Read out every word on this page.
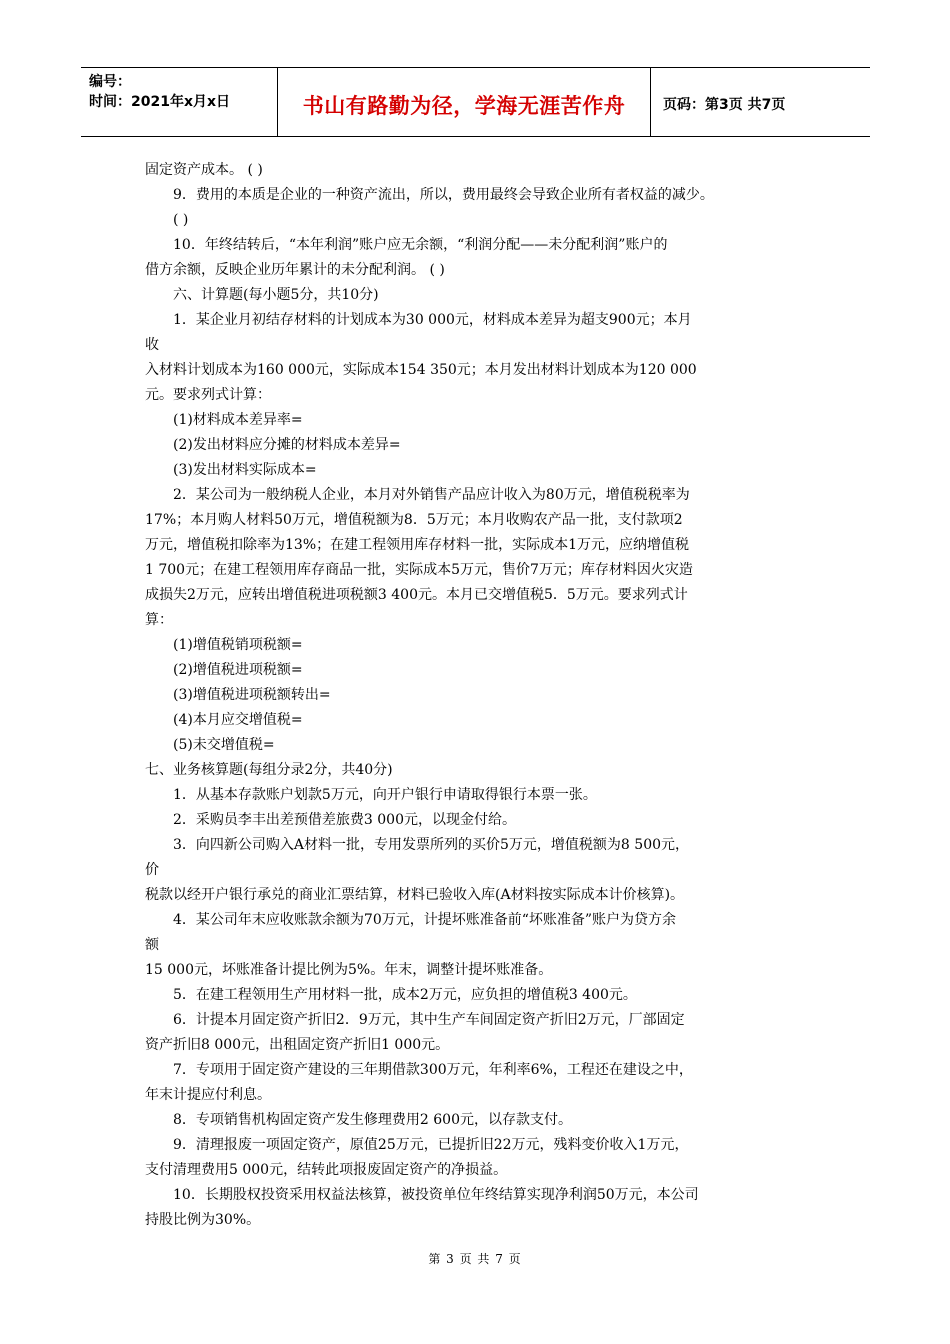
编号：
时间：2021年x月x日	书山有路勤为径，学海无涯苦作舟	页码：第3页 共7页
固定资产成本。 ( )
9．费用的本质是企业的一种资产流出，所以，费用最终会导致企业所有者权益的减少。
( )
10．年终结转后，“本年利润”账户应无余额，“利润分配——未分配利润”账户的
借方余额，反映企业历年累计的未分配利润。 ( )
六、计算题(每小题5分，共10分)
1．某企业月初结存材料的计划成本为30 000元，材料成本差异为超支900元；本月
收
入材料计划成本为160 000元，实际成本154 350元；本月发出材料计划成本为120 000
元。要求列式计算：
(1)材料成本差异率=
(2)发出材料应分摊的材料成本差异=
(3)发出材料实际成本=
2．某公司为一般纳税人企业，本月对外销售产品应计收入为80万元，增值税税率为
17%；本月购人材料50万元，增值税额为8．5万元；本月收购农产品一批，支付款项2
万元，增值税扣除率为13%；在建工程领用库存材料一批，实际成本1万元，应纳增值税
1 700元；在建工程领用库存商品一批，实际成本5万元，售价7万元；库存材料因火灾造
成损失2万元，应转出增值税进项税额3 400元。本月已交增值税5．5万元。要求列式计
算：
(1)增值税销项税额=
(2)增值税进项税额=
(3)增值税进项税额转出=
(4)本月应交增值税=
(5)未交增值税=
七、业务核算题(每组分录2分，共40分)
1．从基本存款账户划款5万元，向开户银行申请取得银行本票一张。
2．采购员李丰出差预借差旅费3 000元，以现金付给。
3．向四新公司购入A材料一批，专用发票所列的买价5万元，增值税额为8 500元，
价
税款以经开户银行承兑的商业汇票结算，材料已验收入库(A材料按实际成本计价核算)。
4．某公司年末应收账款余额为70万元，计提坏账准备前“坏账准备”账户为贷方余
额
15 000元，坏账准备计提比例为5%。年末，调整计提坏账准备。
5．在建工程领用生产用材料一批，成本2万元，应负担的增值税3 400元。
6．计提本月固定资产折旧2．9万元，其中生产车间固定资产折旧2万元，厂部固定
资产折旧8 000元，出租固定资产折旧1 000元。
7．专项用于固定资产建设的三年期借款300万元，年利率6%，工程还在建设之中，
年末计提应付利息。
8．专项销售机构固定资产发生修理费用2 600元，以存款支付。
9．清理报废一项固定资产，原值25万元，已提折旧22万元，残料变价收入1万元，
支付清理费用5 000元，结转此项报废固定资产的净损益。
10．长期股权投资采用权益法核算，被投资单位年终结算实现净利润50万元，本公司
持股比例为30%。
第 3 页 共 7 页
